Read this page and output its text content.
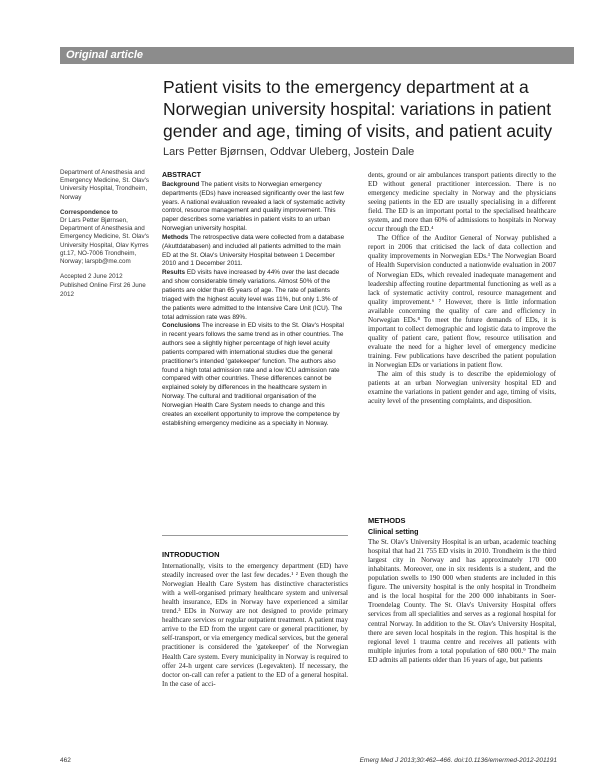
Original article
Patient visits to the emergency department at a Norwegian university hospital: variations in patient gender and age, timing of visits, and patient acuity
Lars Petter Bjørnsen, Oddvar Uleberg, Jostein Dale

Department of Anesthesia and Emergency Medicine, St. Olav's University Hospital, Trondheim, Norway

Correspondence to
Dr Lars Petter Bjørnsen, Department of Anesthesia and Emergency Medicine, St. Olav's University Hospital, Olav Kyrres gt.17, NO-7006 Trondheim, Norway; larspb@me.com

Accepted 2 June 2012

Published Online First 26 June 2012

ABSTRACT

Background The patient visits to Norwegian emergency departments (EDs) have increased significantly over the last few years. A national evaluation revealed a lack of systematic activity control, resource management and quality improvement. This paper describes some variables in patient visits to an urban Norwegian university hospital.

Methods The retrospective data were collected from a database (Akuttdatabasen) and included all patients admitted to the main ED at the St. Olav's University Hospital between 1 December 2010 and 1 December 2011.

Results ED visits have increased by 44% over the last decade and show considerable timely variations. Almost 50% of the patients are older than 65 years of age. The rate of patients triaged with the highest acuity level was 11%, but only 1.3% of the patients were admitted to the Intensive Care Unit (ICU). The total admission rate was 89%.

Conclusions The increase in ED visits to the St. Olav's Hospital in recent years follows the same trend as in other countries. The authors see a slightly higher percentage of high level acuity patients compared with international studies due the general practitioner's intended 'gatekeeper' function. The authors also found a high total admission rate and a low ICU admission rate compared with other countries. These differences cannot be explained solely by differences in the healthcare system in Norway. The cultural and traditional organisation of the Norwegian Health Care System needs to change and this creates an excellent opportunity to improve the competence by establishing emergency medicine as a specialty in Norway.

INTRODUCTION

Internationally, visits to the emergency department (ED) have steadily increased over the last few decades.¹ ² Even though the Norwegian Health Care System has distinctive characteristics with a well-organised primary healthcare system and universal health insurance, EDs in Norway have experienced a similar trend.³ EDs in Norway are not designed to provide primary healthcare services or regular outpatient treatment. A patient may arrive to the ED from the urgent care or general practitioner, by self-transport, or via emergency medical services, but the general practitioner is considered the 'gatekeeper' of the Norwegian Health Care system. Every municipality in Norway is required to offer 24-h urgent care services (Legevakten). If necessary, the doctor on-call can refer a patient to the ED of a general hospital. In the case of acci-

dents, ground or air ambulances transport patients directly to the ED without general practitioner intercession. There is no emergency medicine specialty in Norway and the physicians seeing patients in the ED are usually specialising in a different field. The ED is an important portal to the specialised healthcare system, and more than 60% of admissions to hospitals in Norway occur through the ED.⁴

The Office of the Auditor General of Norway published a report in 2006 that criticised the lack of data collection and quality improvements in Norwegian EDs.³ The Norwegian Board of Health Supervision conducted a nationwide evaluation in 2007 of Norwegian EDs, which revealed inadequate management and leadership affecting routine departmental functioning as well as a lack of systematic activity control, resource management and quality improvement.⁶ ⁷ However, there is little information available concerning the quality of care and efficiency in Norwegian EDs.⁸ To meet the future demands of EDs, it is important to collect demographic and logistic data to improve the quality of patient care, patient flow, resource utilisation and evaluate the need for a higher level of emergency medicine training. Few publications have described the patient population in Norwegian EDs or variations in patient flow.

The aim of this study is to describe the epidemiology of patients at an urban Norwegian university hospital ED and examine the variations in patient gender and age, timing of visits, acuity level of the presenting complaints, and disposition.

METHODS
Clinical setting

The St. Olav's University Hospital is an urban, academic teaching hospital that had 21 755 ED visits in 2010. Trondheim is the third largest city in Norway and has approximately 170 000 inhabitants. Moreover, one in six residents is a student, and the population swells to 190 000 when students are included in this figure. The university hospital is the only hospital in Trondheim and is the local hospital for the 200 000 inhabitants in Soer-Troendelag County. The St. Olav's University Hospital offers services from all specialities and serves as a regional hospital for central Norway. In addition to the St. Olav's University Hospital, there are seven local hospitals in the region. This hospital is the regional level 1 trauma centre and receives all patients with multiple injuries from a total population of 680 000.⁹ The main ED admits all patients older than 16 years of age, but patients

462	Emerg Med J 2013;30:462–466. doi:10.1136/emermed-2012-201191
